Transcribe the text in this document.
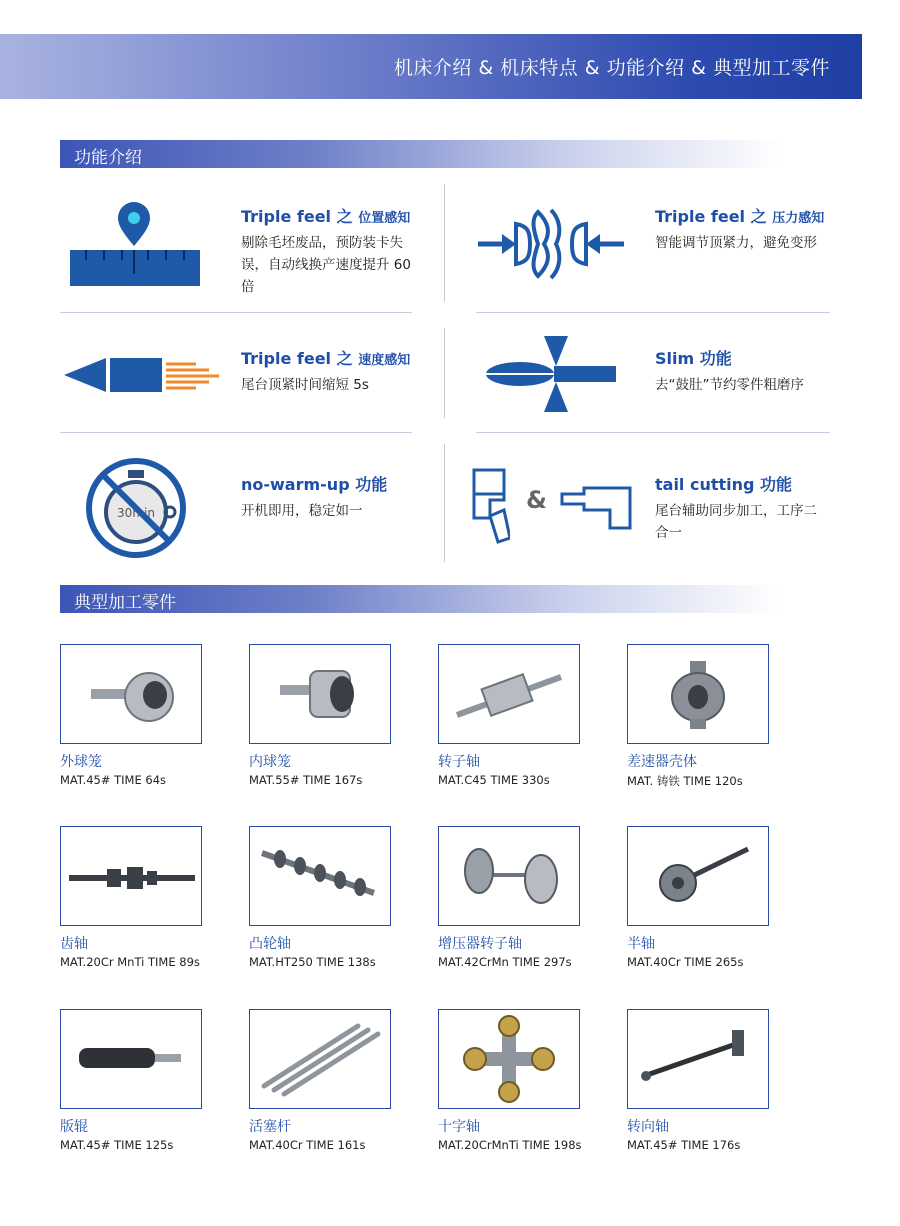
机床介绍 & 机床特点 & 功能介绍 & 典型加工零件
功能介绍
Triple feel 之 位置感知
剔除毛坯废品，预防装卡失误，自动线换产速度提升 60 倍
Triple feel 之 压力感知
智能调节顶紧力，避免变形
Triple feel 之 速度感知
尾台顶紧时间缩短 5s
Slim 功能
去“鼓肚”节约零件粗磨序
30min
no-warm-up 功能
开机即用，稳定如一	&
tail cutting 功能
尾台辅助同步加工，工序二合一
典型加工零件
外球笼
MAT.45# TIME 64s
内球笼
MAT.55# TIME 167s
转子轴
MAT.C45 TIME 330s
差速器壳体
MAT. 铸铁 TIME 120s
齿轴
MAT.20Cr MnTi TIME 89s
凸轮轴
MAT.HT250 TIME 138s
增压器转子轴
MAT.42CrMn TIME 297s
半轴
MAT.40Cr TIME 265s
版辊
MAT.45# TIME 125s
活塞杆
MAT.40Cr TIME 161s
十字轴
MAT.20CrMnTi TIME 198s
转向轴
MAT.45# TIME 176s
